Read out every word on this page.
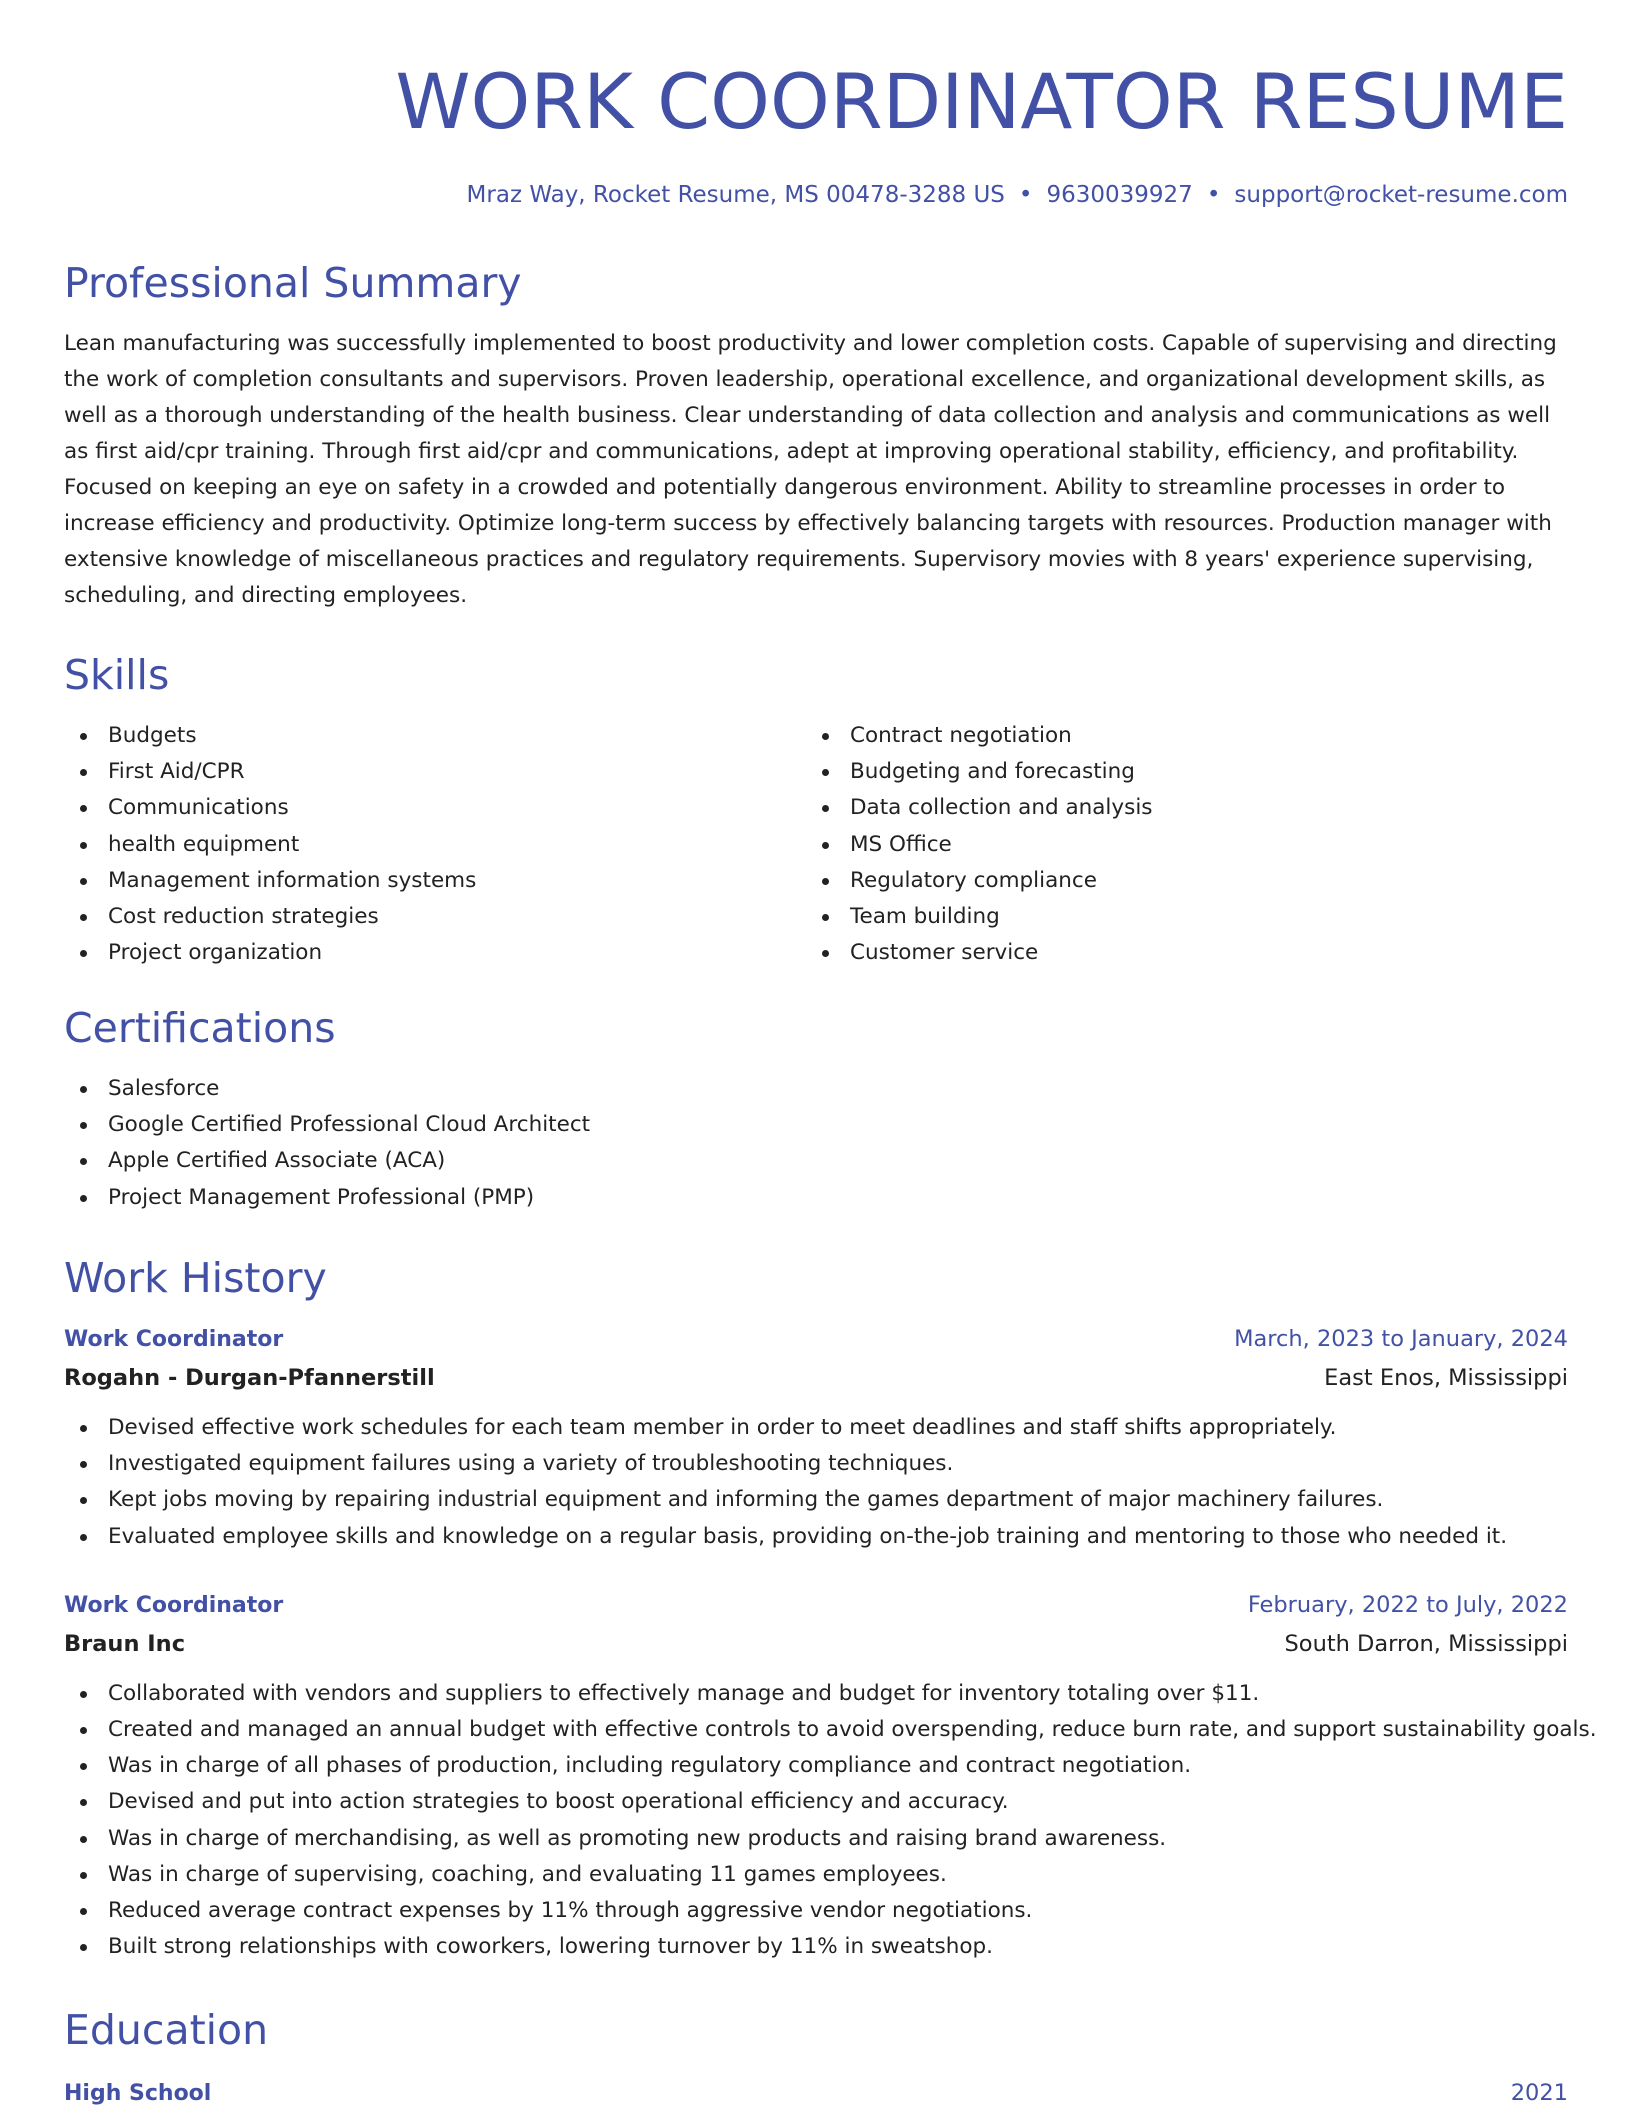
WORK COORDINATOR RESUME
Mraz Way, Rocket Resume, MS 00478-3288 US • 9630039927 • support@rocket-resume.com
Professional Summary

Lean manufacturing was successfully implemented to boost productivity and lower completion costs. Capable of supervising and directing the work of completion consultants and supervisors. Proven leadership, operational excellence, and organizational development skills, as well as a thorough understanding of the health business. Clear understanding of data collection and analysis and communications as well as first aid/cpr training. Through first aid/cpr and communications, adept at improving operational stability, efficiency, and profitability. Focused on keeping an eye on safety in a crowded and potentially dangerous environment. Ability to streamline processes in order to increase efficiency and productivity. Optimize long-term success by effectively balancing targets with resources. Production manager with extensive knowledge of miscellaneous practices and regulatory requirements. Supervisory movies with 8 years' experience supervising, scheduling, and directing employees.

Skills
Budgets
First Aid/CPR
Communications
health equipment
Management information systems
Cost reduction strategies
Project organization
Contract negotiation
Budgeting and forecasting
Data collection and analysis
MS Office
Regulatory compliance
Team building
Customer service
Certifications
Salesforce
Google Certified Professional Cloud Architect
Apple Certified Associate (ACA)
Project Management Professional (PMP)
Work History
Work Coordinator	March, 2023 to January, 2024
Rogahn - Durgan-Pfannerstill	East Enos, Mississippi
Devised effective work schedules for each team member in order to meet deadlines and staff shifts appropriately.
Investigated equipment failures using a variety of troubleshooting techniques.
Kept jobs moving by repairing industrial equipment and informing the games department of major machinery failures.
Evaluated employee skills and knowledge on a regular basis, providing on-the-job training and mentoring to those who needed it.
Work Coordinator	February, 2022 to July, 2022
Braun Inc	South Darron, Mississippi
Collaborated with vendors and suppliers to effectively manage and budget for inventory totaling over $11.
Created and managed an annual budget with effective controls to avoid overspending, reduce burn rate, and support sustainability goals.
Was in charge of all phases of production, including regulatory compliance and contract negotiation.
Devised and put into action strategies to boost operational efficiency and accuracy.
Was in charge of merchandising, as well as promoting new products and raising brand awareness.
Was in charge of supervising, coaching, and evaluating 11 games employees.
Reduced average contract expenses by 11% through aggressive vendor negotiations.
Built strong relationships with coworkers, lowering turnover by 11% in sweatshop.
Education
High School	2021
